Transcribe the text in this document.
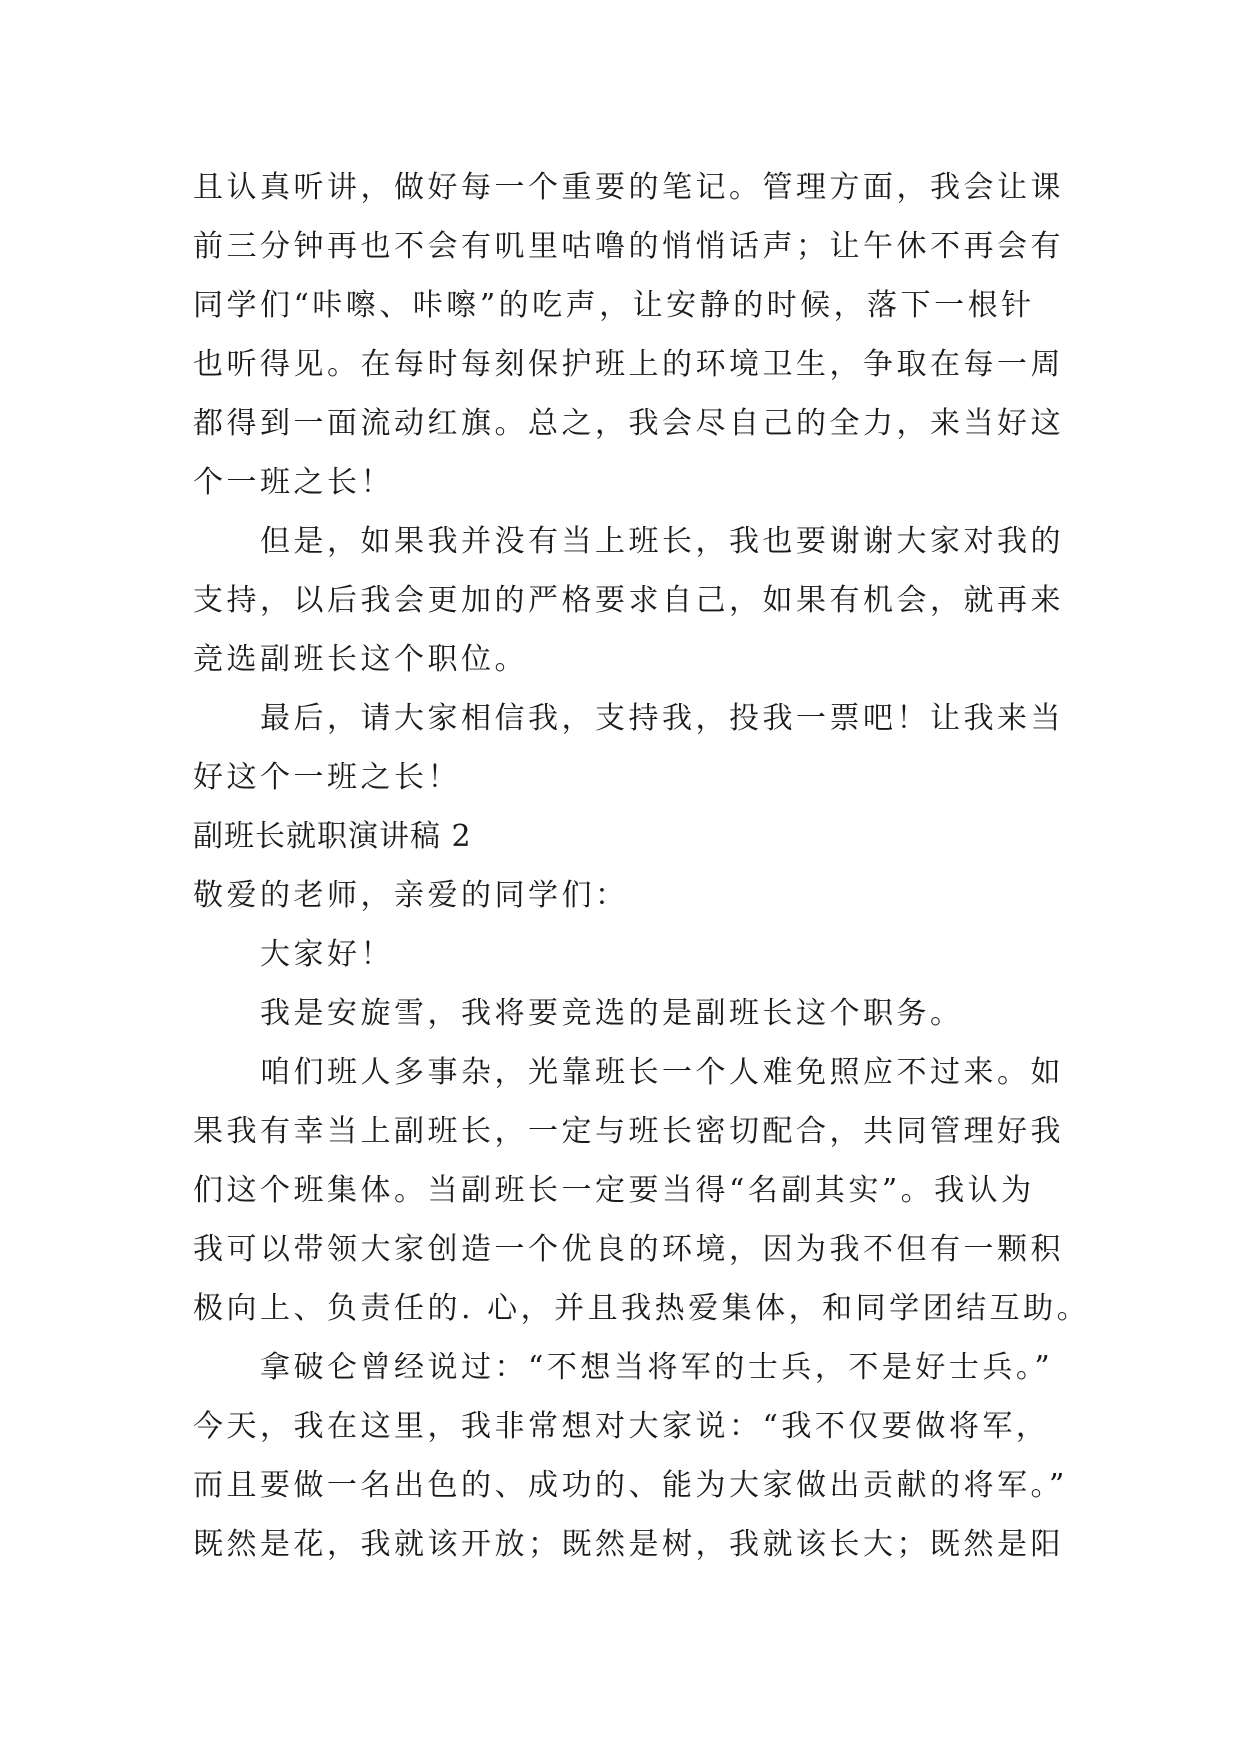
且认真听讲，做好每一个重要的笔记。管理方面，我会让课
前三分钟再也不会有叽里咕噜的悄悄话声；让午休不再会有
同学们“咔嚓、咔嚓”的吃声，让安静的时候，落下一根针
也听得见。在每时每刻保护班上的环境卫生，争取在每一周
都得到一面流动红旗。总之，我会尽自己的全力，来当好这
个一班之长！
　　但是，如果我并没有当上班长，我也要谢谢大家对我的
支持，以后我会更加的严格要求自己，如果有机会，就再来
竞选副班长这个职位。
　　最后，请大家相信我，支持我，投我一票吧！让我来当
好这个一班之长！
副班长就职演讲稿 2
敬爱的老师，亲爱的同学们：
　　大家好！
　　我是安旋雪，我将要竞选的是副班长这个职务。
　　咱们班人多事杂，光靠班长一个人难免照应不过来。如
果我有幸当上副班长，一定与班长密切配合，共同管理好我
们这个班集体。当副班长一定要当得“名副其实”。我认为
我可以带领大家创造一个优良的环境，因为我不但有一颗积
极向上、负责任的. 心，并且我热爱集体，和同学团结互助。
　　拿破仑曾经说过：“不想当将军的士兵，不是好士兵。”
今天，我在这里，我非常想对大家说：“我不仅要做将军，
而且要做一名出色的、成功的、能为大家做出贡献的将军。”
既然是花，我就该开放；既然是树，我就该长大；既然是阳
